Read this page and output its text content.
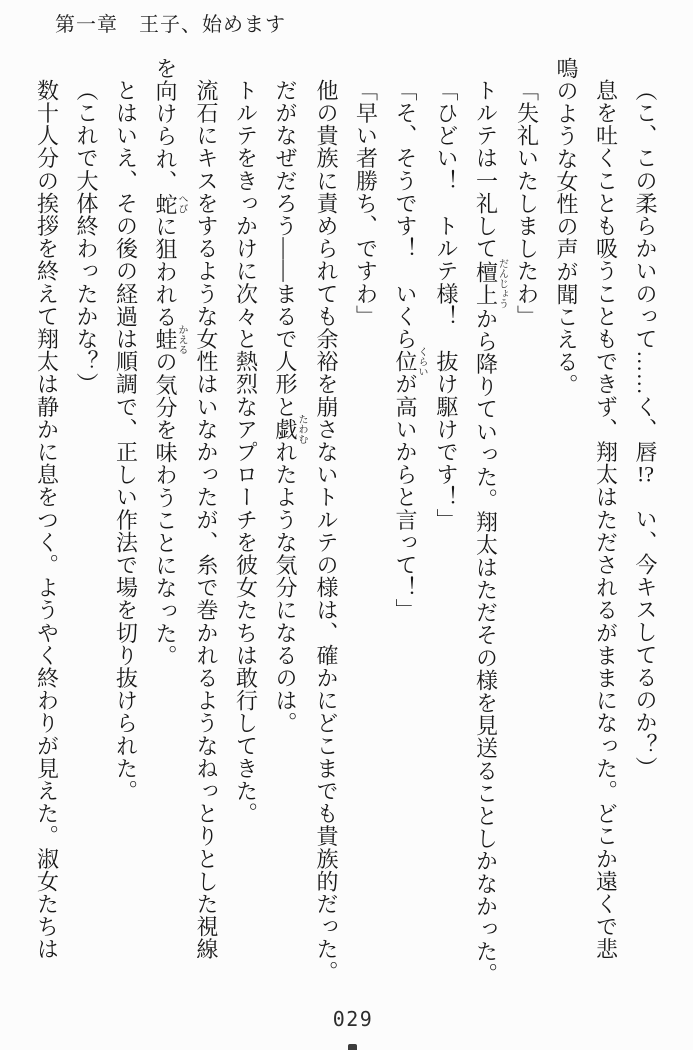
第一章　王子、始めます
（こ、この柔らかいのって……く、唇!?　い、今キスしてるのか？）
息を吐くことも吸うこともできず、翔太はただされるがままになった。どこか遠くで悲
鳴のような女性の声が聞こえる。
「失礼いたしましたわ」
トルテは一礼して檀上だんじょうから降りていった。翔太はただその様を見送ることしかなかった。
「ひどい！　トルテ様！　抜け駆けです！」
「そ、そうです！　いくら位くらいが高いからと言って！」
「早い者勝ち、ですわ」
他の貴族に責められても余裕を崩さないトルテの様は、確かにどこまでも貴族的だった。
だがなぜだろう――まるで人形と戯たわむれたような気分になるのは。
トルテをきっかけに次々と熱烈なアプローチを彼女たちは敢行してきた。
流石にキスをするような女性はいなかったが、糸で巻かれるようなねっとりとした視線
を向けられ、蛇へびに狙われる蛙かえるの気分を味わうことになった。
とはいえ、その後の経過は順調で、正しい作法で場を切り抜けられた。
（これで大体終わったかな？）
数十人分の挨拶を終えて翔太は静かに息をつく。ようやく終わりが見えた。淑女たちは
029
